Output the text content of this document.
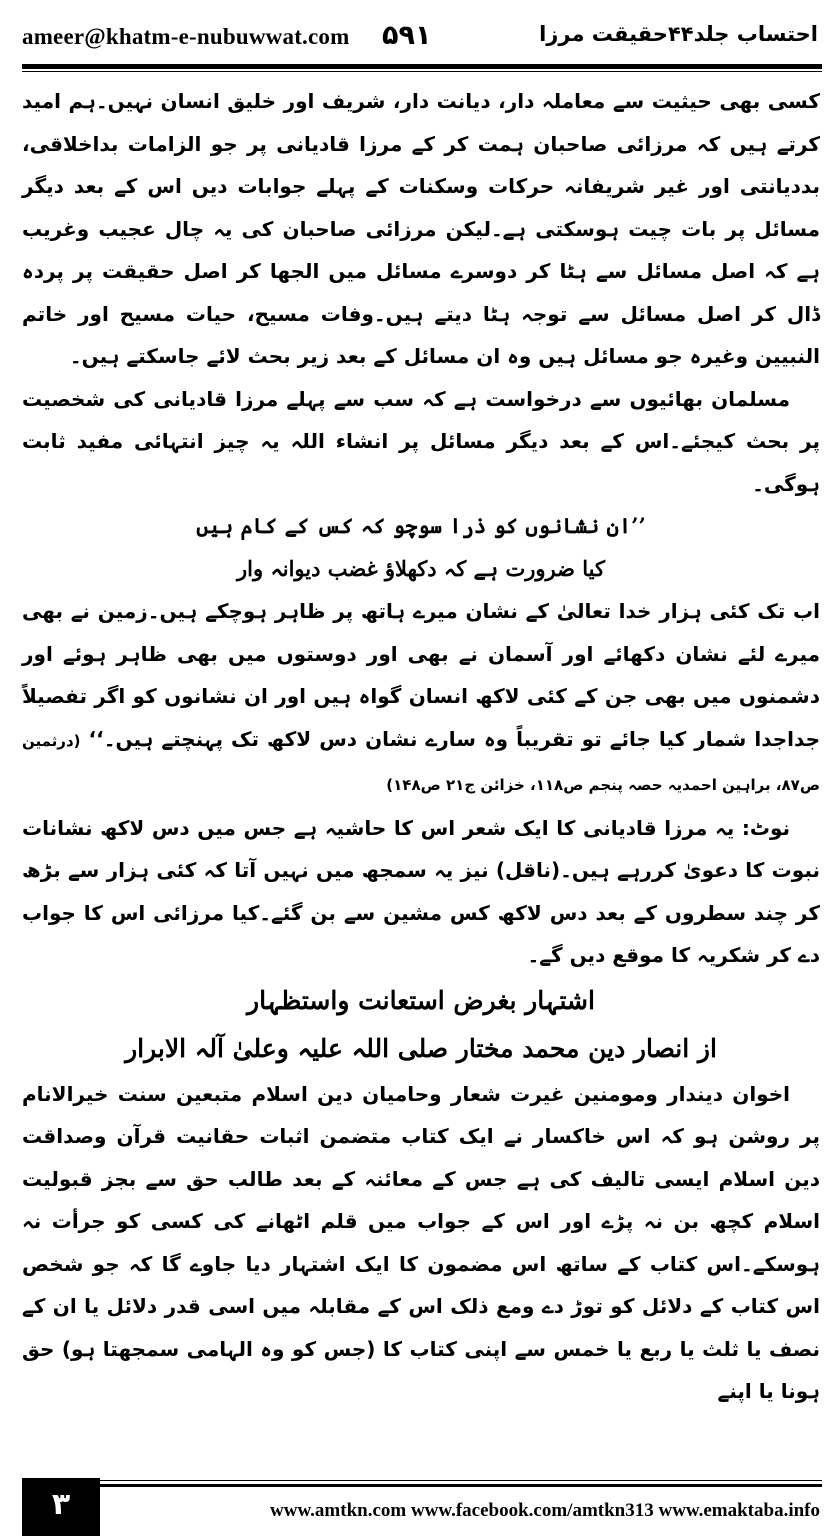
ameer@khatm-e-nubuwwat.com ۵۹۱	احتساب جلد۴۴حقیقت مرزا

کسی بھی حیثیت سے معاملہ دار، دیانت دار، شریف اور خلیق انسان نہیں۔ہم امید کرتے ہیں کہ مرزائی صاحبان ہمت کر کے مرزا قادیانی پر جو الزامات بداخلاقی، بددیانتی اور غیر شریفانہ حرکات وسکنات کے پہلے جوابات دیں اس کے بعد دیگر مسائل پر بات چیت ہوسکتی ہے۔لیکن مرزائی صاحبان کی یہ چال عجیب وغریب ہے کہ اصل مسائل سے ہٹا کر دوسرے مسائل میں الجھا کر اصل حقیقت پر پردہ ڈال کر اصل مسائل سے توجہ ہٹا دیتے ہیں۔وفات مسیح، حیات مسیح اور خاتم النبیین وغیرہ جو مسائل ہیں وہ ان مسائل کے بعد زیر بحث لائے جاسکتے ہیں۔

مسلمان بھائیوں سے درخواست ہے کہ سب سے پہلے مرزا قادیانی کی شخصیت پر بحث کیجئے۔اس کے بعد دیگر مسائل پر انشاء اللہ یہ چیز انتہائی مفید ثابت ہوگی۔

’’ان نشانوں کو ذرا سوچو کہ کس کے کام ہیں

کیا ضرورت ہے کہ دکھلاؤ غضب دیوانہ وار

اب تک کئی ہزار خدا تعالیٰ کے نشان میرے ہاتھ پر ظاہر ہوچکے ہیں۔زمین نے بھی میرے لئے نشان دکھائے اور آسمان نے بھی اور دوستوں میں بھی ظاہر ہوئے اور دشمنوں میں بھی جن کے کئی لاکھ انسان گواہ ہیں اور ان نشانوں کو اگر تفصیلاً جداجدا شمار کیا جائے تو تقریباً وہ سارے نشان دس لاکھ تک پہنچتے ہیں۔‘‘ (درثمین ص۸۷، براہین احمدیہ حصہ پنجم ص۱۱۸، خزائن ج۲۱ ص۱۴۸)

نوٹ: یہ مرزا قادیانی کا ایک شعر اس کا حاشیہ ہے جس میں دس لاکھ نشانات نبوت کا دعویٰ کررہے ہیں۔(ناقل) نیز یہ سمجھ میں نہیں آتا کہ کئی ہزار سے بڑھ کر چند سطروں کے بعد دس لاکھ کس مشین سے بن گئے۔کیا مرزائی اس کا جواب دے کر شکریہ کا موقع دیں گے۔

اشتہار بغرض استعانت واستظہار

از انصار دین محمد مختار صلی اللہ علیہ وعلیٰ آلہ الابرار

اخوان دیندار ومومنین غیرت شعار وحامیان دین اسلام متبعین سنت خیرالانام پر روشن ہو کہ اس خاکسار نے ایک کتاب متضمن اثبات حقانیت قرآن وصداقت دین اسلام ایسی تالیف کی ہے جس کے معائنہ کے بعد طالب حق سے بجز قبولیت اسلام کچھ بن نہ پڑے اور اس کے جواب میں قلم اٹھانے کی کسی کو جرأت نہ ہوسکے۔اس کتاب کے ساتھ اس مضمون کا ایک اشتہار دیا جاوے گا کہ جو شخص اس کتاب کے دلائل کو توڑ دے ومع ذلک اس کے مقابلہ میں اسی قدر دلائل یا ان کے نصف یا ثلث یا ربع یا خمس سے اپنی کتاب کا (جس کو وہ الہامی سمجھتا ہو) حق ہونا یا اپنے

۳	www.amtkn.com www.facebook.com/amtkn313 www.emaktaba.info
